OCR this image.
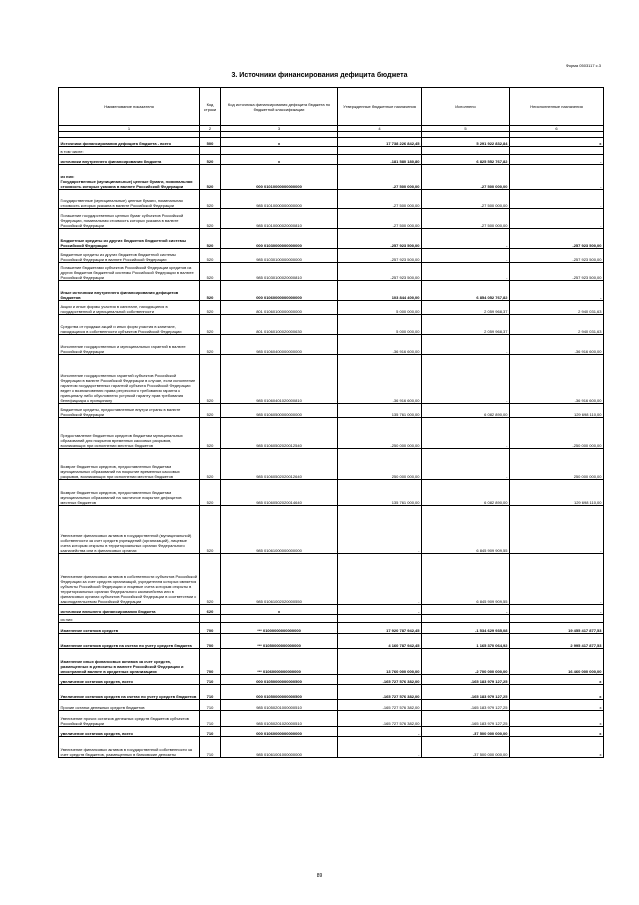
Форма 0503117 с.3
3. Источники финансирования дефицита бюджета
Наименование показателя	Код строки	Код источника финансирования дефицита бюджета по бюджетной классификации	Утвержденные бюджетные назначения	Исполнено	Неисполненные назначения
1	2	3	4	5	6

Источники финансирования дефицита бюджета - всего	500	х	17 738 226 842,45	5 291 922 832,84	х
в том числе:					
источники внутреннего финансирования бюджета	520	х	-181 580 180,80	6 825 552 767,82	-
из них:
Государственные (муниципальные) ценные бумаги, номинальная стоимость которых указана в валюте Российской Федерации	520	000 01010000000000000	-27 500 000,00	-27 500 000,00	-
Государственные (муниципальные) ценные бумаги, номинальная стоимость которых указана в валюте Российской Федерации	520	985 01010000000000000	-27 500 000,00	-27 500 000,00	-
Погашение государственных ценных бумаг субъектов Российской Федерации, номинальная стоимость которых указана в валюте Российской Федерации	520	985 01010000020000810	-27 500 000,00	-27 500 000,00	-
Бюджетные кредиты из других бюджетов бюджетной системы Российской Федерации	520	000 01030000000000000	-257 923 500,00	-	-257 923 500,00
Бюджетные кредиты из других бюджетов бюджетной системы Российской Федерации в валюте Российской Федерации	520	985 01030100000000000	-257 923 500,00	-	-257 923 500,00
Погашение бюджетами субъектов Российской Федерации кредитов из других бюджетов бюджетной системы Российской Федерации в валюте Российской Федерации	520	985 01030100020000810	-257 923 500,00	-	-257 923 500,00
Иные источники внутреннего финансирования дефицитов бюджетов	520	000 01060000000000000	103 844 400,00	6 854 052 767,82	-
Акции и иные формы участия в капитале, находящиеся в государственной и муниципальной собственности	520	801 01060100000000000	5 000 000,00	2 059 968,37	2 940 031,63
Средства от продажи акций и иных форм участия в капитале, находящихся в собственности субъектов Российской Федерации	520	801 01060100020000630	5 000 000,00	2 059 968,37	2 940 031,63
Исполнение государственных и муниципальных гарантий в валюте Российской Федерации	520	985 01060400000000000	-36 916 600,00	-	-36 916 600,00
Исполнение государственных гарантий субъектов Российской Федерации в валюте Российской Федерации в случае, если исполнение гарантом государственных гарантий субъекта Российской Федерации ведет к возникновению права регрессного требования гаранта к принципалу либо обусловлено уступкой гаранту прав требования бенефициара к принципалу	520	985 01060401020000810	-36 916 600,00	-	-36 916 600,00
Бюджетные кредиты, предоставленные внутри страны в валюте Российской Федерации	520	985 01060500000000000	135 761 000,00	6 082 890,00	129 698 110,00
Предоставление бюджетных кредитов бюджетам муниципальных образований для покрытия временных кассовых разрывов, возникающих при исполнении местных бюджетов	520	985 01060502020012540	-250 000 000,00	-	-250 000 000,00
Возврат бюджетных кредитов, предоставленных бюджетам муниципальных образований на покрытие временных кассовых разрывов, возникающих при исполнении местных бюджетов	520	985 01060502020012640	250 000 000,00	-	250 000 000,00
Возврат бюджетных кредитов, предоставленных бюджетам муниципальных образований на частичное покрытие дефицитов местных бюджетов	520	985 01060502020014640	135 761 000,00	6 082 890,00	129 698 110,00
Увеличение финансовых активов в государственной (муниципальной) собственности за счет средств учреждений (организаций), лицевые счета которым открыты в территориальных органах Федерального казначейства или в финансовых органах	520	985 01061000000000000	-	6 845 909 909,55	-
Увеличение финансовых активов в собственности субъектов Российской Федерации за счет средств организаций, учредителем которых является субъекты Российской Федерации и лицевые счета которым открыты в территориальных органах Федерального казначейства или в финансовых органах субъектов Российской Федерации в соответствии с законодательством Российской Федерации	520	985 01061002020000550	-	6 845 909 909,55	-
источники внешнего финансирования бюджета	620	х	-	-	-
из них:					
Изменение остатков средств	700	*** 01000000000000000	17 920 787 942,45	-1 534 629 935,08	19 455 417 877,53
Изменение остатков средств на счетах по учету средств бюджета	700	*** 01050000000000000	4 160 787 942,45	1 165 370 064,92	2 995 417 877,53
Изменение иных финансовых активов за счет средств, размещенных в депозиты в валюте Российской Федерации и иностранной валюте в кредитных организациях	700	*** 01060000000000000	13 760 000 000,00	-2 700 000 000,00	16 460 000 000,00
увеличение остатков средств, всего	710	000 01050000000000500	-165 727 576 382,00	-165 183 979 127,25	х
Увеличение остатков средств на счетах по учету средств бюджетов	710	000 01050000000000500	-165 727 576 382,00	-165 183 979 127,25	х
Прочие остатки денежных средств бюджетов	710	985 01050201000000510	-165 727 576 382,00	-165 183 979 127,25	х
Увеличение прочих остатков денежных средств бюджетов субъектов Российской Федерации	710	985 01050201020000510	-165 727 576 382,00	-165 183 979 127,25	х
увеличение остатков средств, всего	710	000 01060000000000000	-	-37 500 000 000,00	х
Увеличение финансовых активов в государственной собственности за счет средств бюджетов, размещенных в банковские депозиты	710	985 01061001000000000	-	-37 500 000 000,00	х
89
